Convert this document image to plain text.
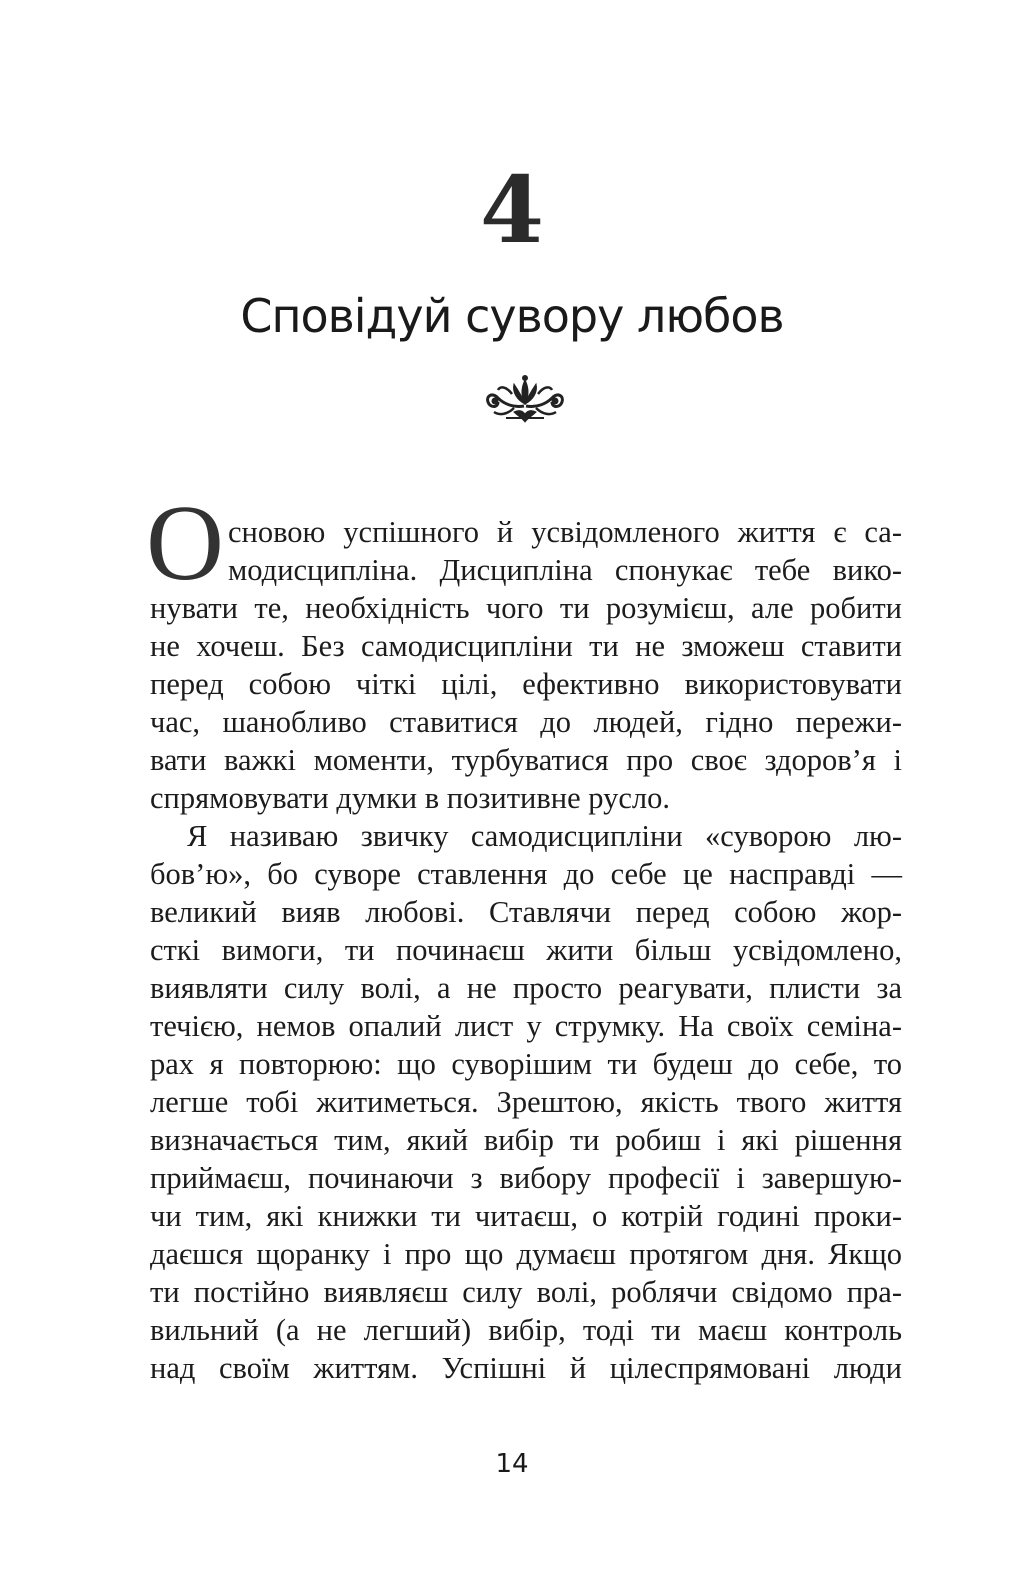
4
Сповідуй сувору любов
О сновою успішного й усвідомленого життя є са-
модисципліна. Дисципліна спонукає тебе вико-
нувати те, необхідність чого ти розумієш, але робити
не хочеш. Без самодисципліни ти не зможеш ставити
перед собою чіткі цілі, ефективно використовувати
час, шанобливо ставитися до людей, гідно пережи-
вати важкі моменти, турбуватися про своє здоров’я і
спрямовувати думки в позитивне русло.
Я називаю звичку самодисципліни «суворою лю-
бов’ю», бо суворе ставлення до себе це насправді —
великий вияв любові. Ставлячи перед собою жор-
сткі вимоги, ти починаєш жити більш усвідомлено,
виявляти силу волі, а не просто реагувати, плисти за
течією, немов опалий лист у струмку. На своїх семіна-
рах я повторюю: що суворішим ти будеш до себе, то
легше тобі житиметься. Зрештою, якість твого життя
визначається тим, який вибір ти робиш і які рішення
приймаєш, починаючи з вибору професії і завершую-
чи тим, які книжки ти читаєш, о котрій годині проки-
даєшся щоранку і про що думаєш протягом дня. Якщо
ти постійно виявляєш силу волі, роблячи свідомо пра-
вильний (а не легший) вибір, тоді ти маєш контроль
над своїм життям. Успішні й цілеспрямовані люди
14
